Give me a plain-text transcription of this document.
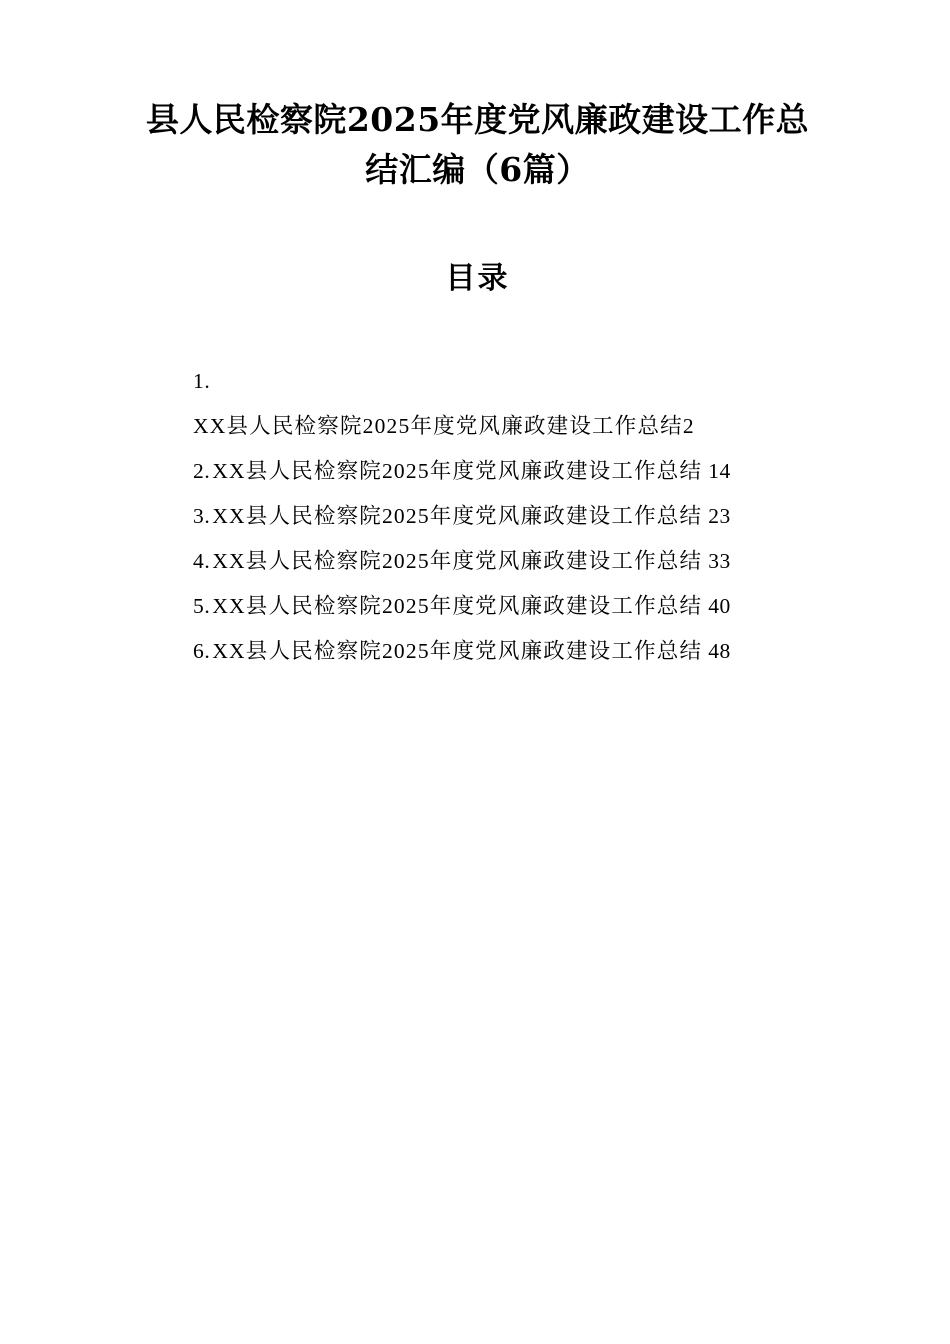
县人民检察院2025年度党风廉政建设工作总结汇编（6篇）
目录
1.
XX县人民检察院2025年度党风廉政建设工作总结2
2.XX县人民检察院2025年度党风廉政建设工作总结 14
3.XX县人民检察院2025年度党风廉政建设工作总结 23
4.XX县人民检察院2025年度党风廉政建设工作总结 33
5.XX县人民检察院2025年度党风廉政建设工作总结 40
6.XX县人民检察院2025年度党风廉政建设工作总结 48
